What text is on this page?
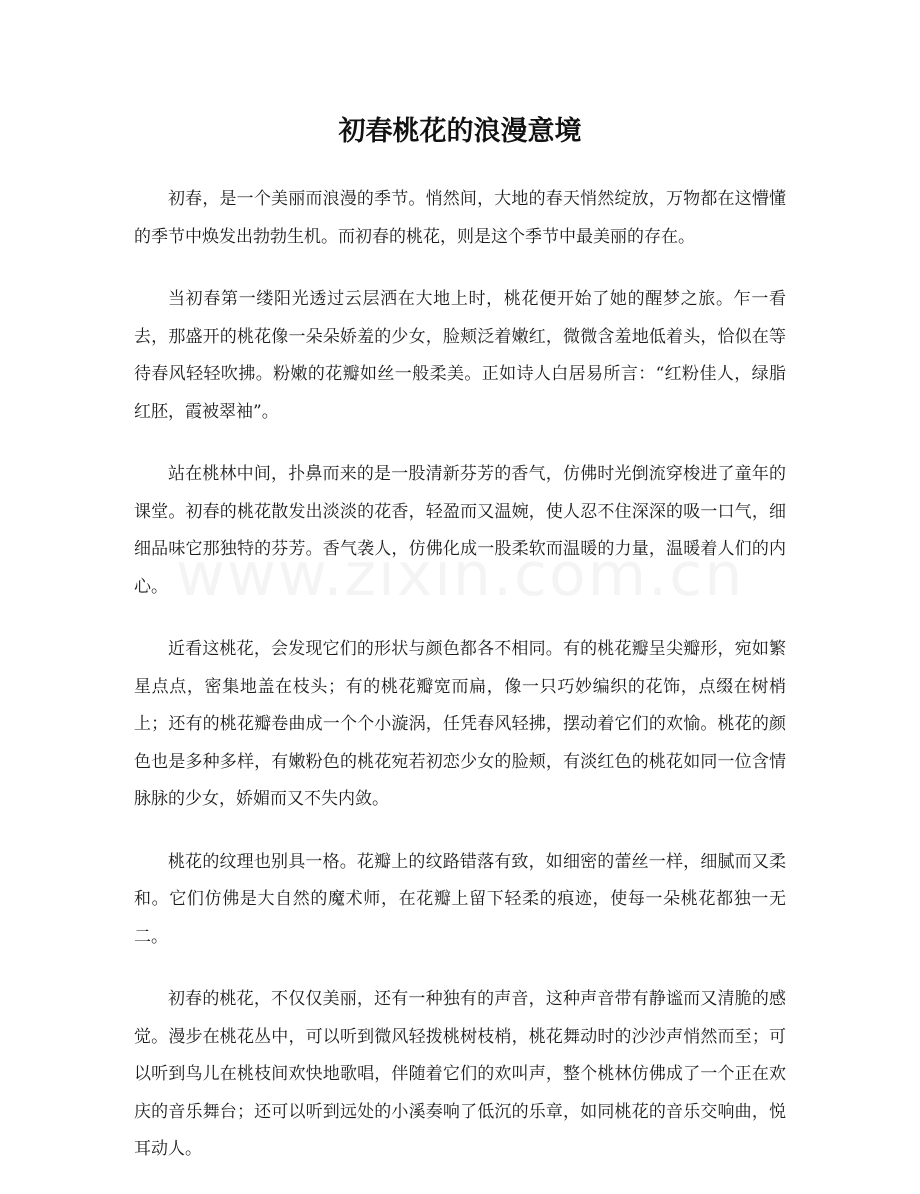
初春桃花的浪漫意境

初春，是一个美丽而浪漫的季节。悄然间，大地的春天悄然绽放，万物都在这懵懂的季节中焕发出勃勃生机。而初春的桃花，则是这个季节中最美丽的存在。

当初春第一缕阳光透过云层洒在大地上时，桃花便开始了她的醒梦之旅。乍一看去，那盛开的桃花像一朵朵娇羞的少女，脸颊泛着嫩红，微微含羞地低着头，恰似在等待春风轻轻吹拂。粉嫩的花瓣如丝一般柔美。正如诗人白居易所言：“红粉佳人，绿脂红胚，霞被翠袖”。

站在桃林中间，扑鼻而来的是一股清新芬芳的香气，仿佛时光倒流穿梭进了童年的课堂。初春的桃花散发出淡淡的花香，轻盈而又温婉，使人忍不住深深的吸一口气，细细品味它那独特的芬芳。香气袭人，仿佛化成一股柔软而温暖的力量，温暖着人们的内心。

近看这桃花，会发现它们的形状与颜色都各不相同。有的桃花瓣呈尖瓣形，宛如繁星点点，密集地盖在枝头；有的桃花瓣宽而扁，像一只巧妙编织的花饰，点缀在树梢上；还有的桃花瓣卷曲成一个个小漩涡，任凭春风轻拂，摆动着它们的欢愉。桃花的颜色也是多种多样，有嫩粉色的桃花宛若初恋少女的脸颊，有淡红色的桃花如同一位含情脉脉的少女，娇媚而又不失内敛。

桃花的纹理也别具一格。花瓣上的纹路错落有致，如细密的蕾丝一样，细腻而又柔和。它们仿佛是大自然的魔术师，在花瓣上留下轻柔的痕迹，使每一朵桃花都独一无二。

初春的桃花，不仅仅美丽，还有一种独有的声音，这种声音带有静谧而又清脆的感觉。漫步在桃花丛中，可以听到微风轻拨桃树枝梢，桃花舞动时的沙沙声悄然而至；可以听到鸟儿在桃枝间欢快地歌唱，伴随着它们的欢叫声，整个桃林仿佛成了一个正在欢庆的音乐舞台；还可以听到远处的小溪奏响了低沉的乐章，如同桃花的音乐交响曲，悦耳动人。
